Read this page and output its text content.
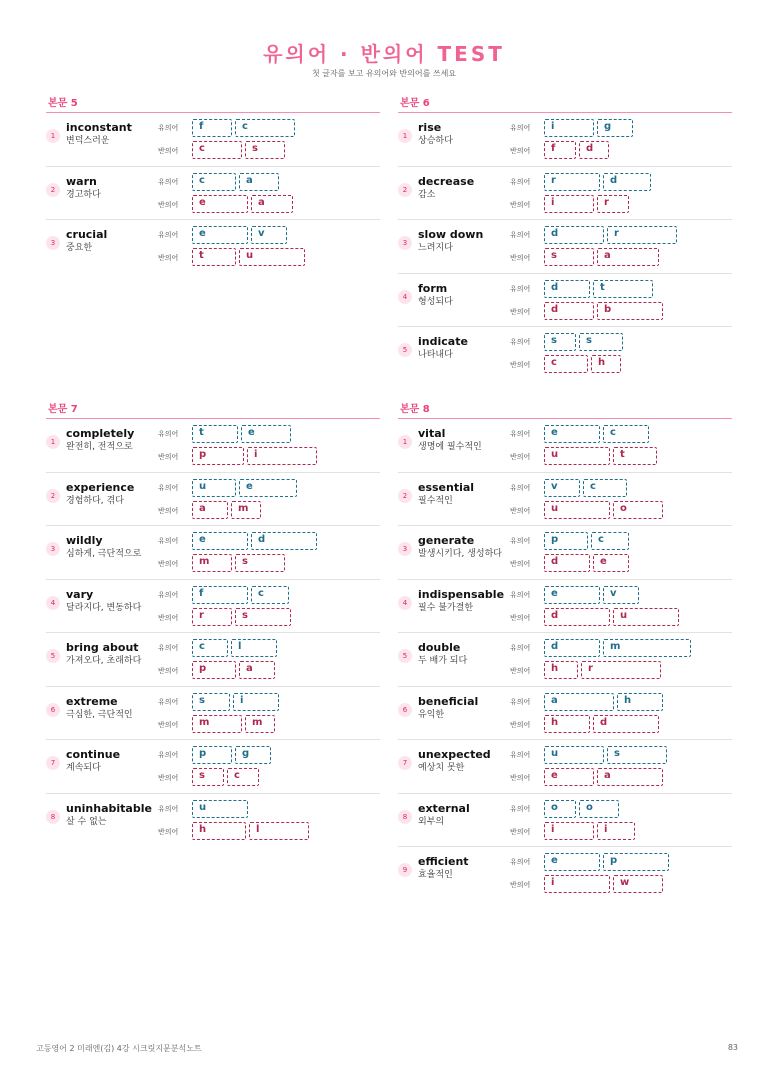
유의어 · 반의어 TEST
첫 글자를 보고 유의어와 반의어를 쓰세요
본문 5
1
inconstant
변덕스러운
유의어	f	c
반의어	c	s
2
warn
경고하다
유의어	c	a
반의어	e	a
3
crucial
중요한
유의어	e	v
반의어	t	u
본문 6
1
rise
상승하다
유의어	i	g
반의어	f	d
2
decrease
감소
유의어	r	d
반의어	i	r
3
slow down
느려지다
유의어	d	r
반의어	s	a
4
form
형성되다
유의어	d	t
반의어	d	b
5
indicate
나타내다
유의어	s	s
반의어	c	h
본문 7
1
completely
완전히, 전적으로
유의어	t	e
반의어	p	i
2
experience
경험하다, 겪다
유의어	u	e
반의어	a	m
3
wildly
심하게, 극단적으로
유의어	e	d
반의어	m	s
4
vary
달라지다, 변동하다
유의어	f	c
반의어	r	s
5
bring about
가져오다, 초래하다
유의어	c	l
반의어	p	a
6
extreme
극심한, 극단적인
유의어	s	i
반의어	m	m
7
continue
계속되다
유의어	p	g
반의어	s	c
8
uninhabitable
살 수 없는
유의어	u
반의어	h	l
본문 8
1
vital
생명에 필수적인
유의어	e	c
반의어	u	t
2
essential
필수적인
유의어	v	c
반의어	u	o
3
generate
발생시키다, 생성하다
유의어	p	c
반의어	d	e
4
indispensable
필수 불가결한
유의어	e	v
반의어	d	u
5
double
두 배가 되다
유의어	d	m
반의어	h	r
6
beneficial
유익한
유의어	a	h
반의어	h	d
7
unexpected
예상치 못한
유의어	u	s
반의어	e	a
8
external
외부의
유의어	o	o
반의어	i	i
9
efficient
효율적인
유의어	e	p
반의어	i	w
고등영어 2 미래엔(김) 4강 시크릿지문분석노트	83
